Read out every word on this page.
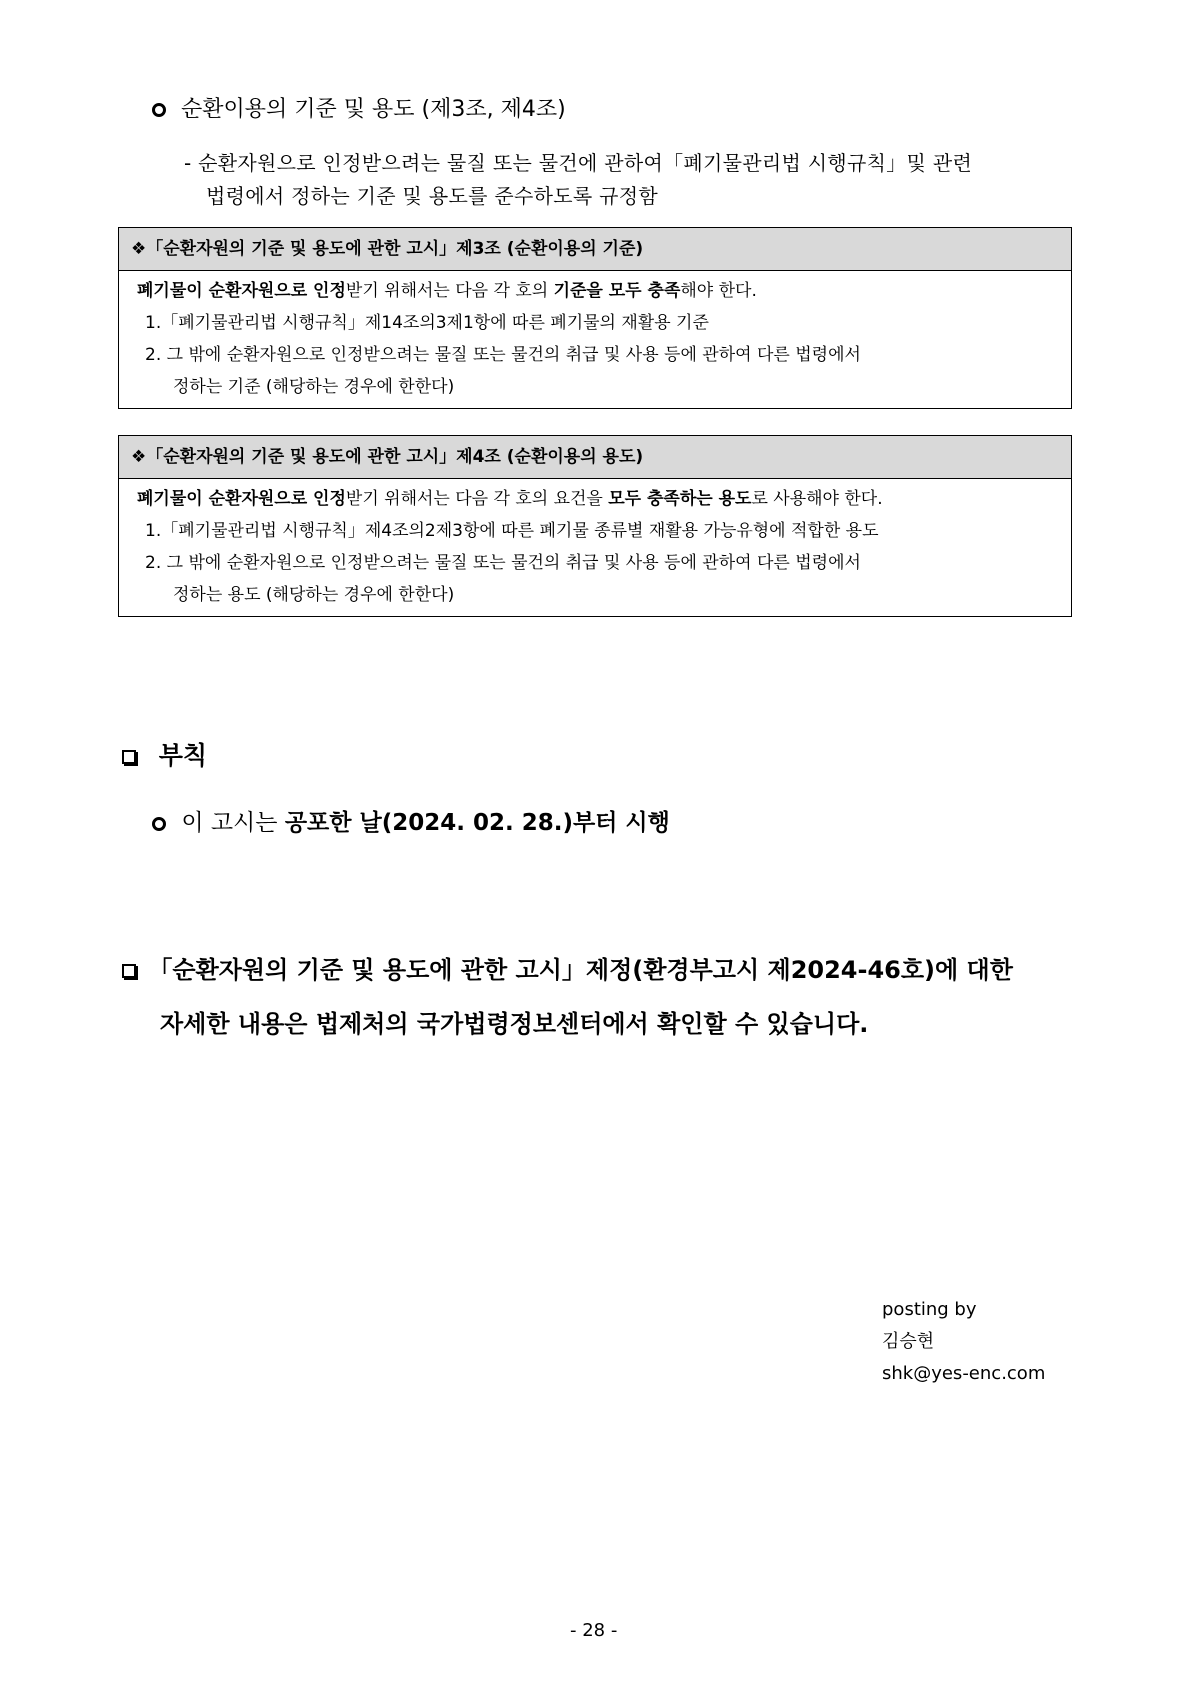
순환이용의 기준 및 용도 (제3조, 제4조)
- 순환자원으로 인정받으려는 물질 또는 물건에 관하여「폐기물관리법 시행규칙」및 관련
법령에서 정하는 기준 및 용도를 준수하도록 규정함
❖「순환자원의 기준 및 용도에 관한 고시」제3조 (순환이용의 기준)

폐기물이 순환자원으로 인정받기 위해서는 다음 각 호의 기준을 모두 충족해야 한다.

1.「폐기물관리법 시행규칙」제14조의3제1항에 따른 폐기물의 재활용 기준

2. 그 밖에 순환자원으로 인정받으려는 물질 또는 물건의 취급 및 사용 등에 관하여 다른 법령에서

정하는 기준 (해당하는 경우에 한한다)

❖「순환자원의 기준 및 용도에 관한 고시」제4조 (순환이용의 용도)

폐기물이 순환자원으로 인정받기 위해서는 다음 각 호의 요건을 모두 충족하는 용도로 사용해야 한다.

1.「폐기물관리법 시행규칙」제4조의2제3항에 따른 폐기물 종류별 재활용 가능유형에 적합한 용도

2. 그 밖에 순환자원으로 인정받으려는 물질 또는 물건의 취급 및 사용 등에 관하여 다른 법령에서

정하는 용도 (해당하는 경우에 한한다)

부칙
이 고시는 공포한 날(2024. 02. 28.)부터 시행
「순환자원의 기준 및 용도에 관한 고시」제정(환경부고시 제2024-46호)에 대한
자세한 내용은 법제처의 국가법령정보센터에서 확인할 수 있습니다.
posting by
김승현
shk@yes-enc.com
- 28 -
